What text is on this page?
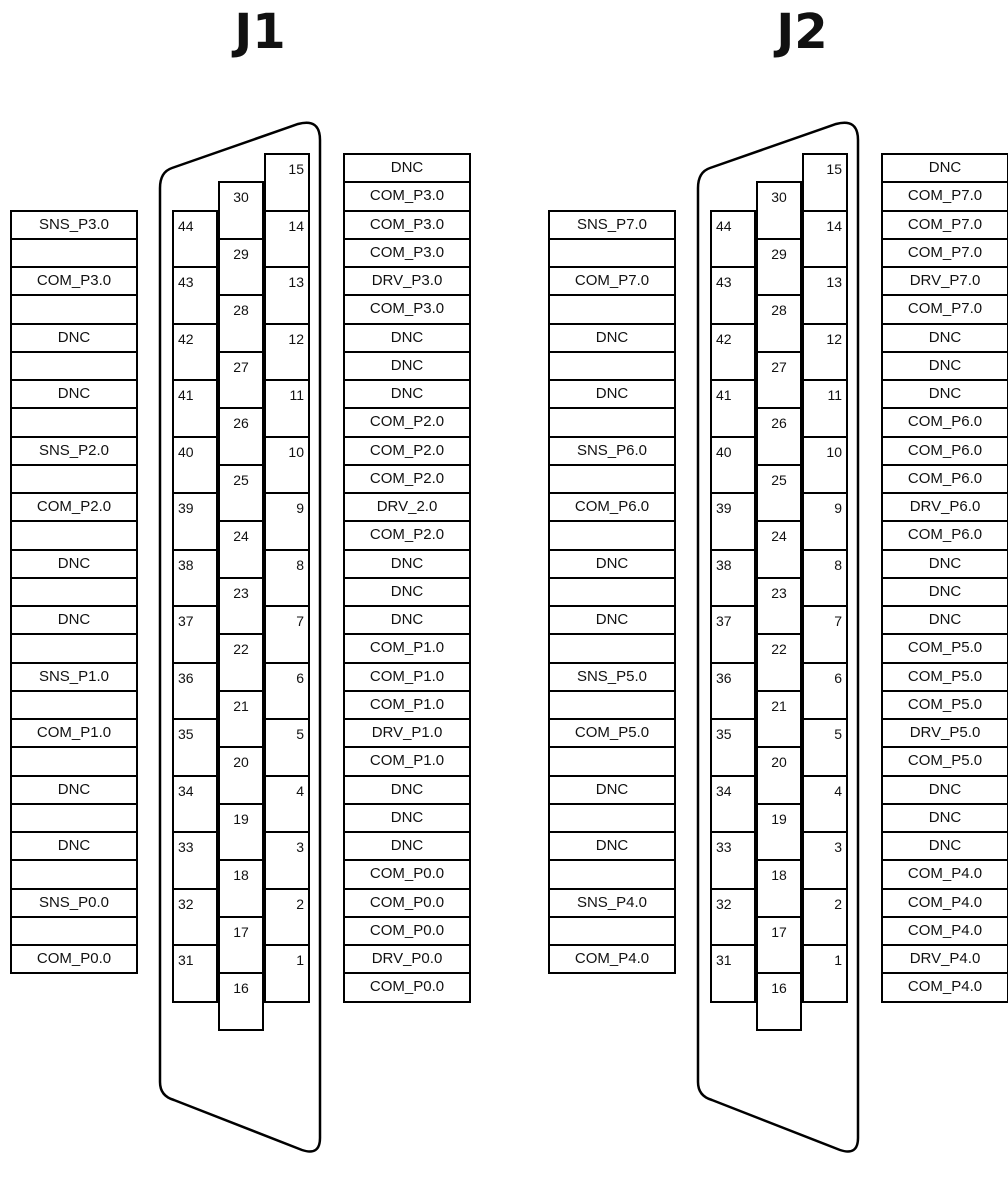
J1
DNC
COM_P3.0
COM_P3.0
COM_P3.0
DRV_P3.0
COM_P3.0
DNC
DNC
DNC
COM_P2.0
COM_P2.0
COM_P2.0
DRV_2.0
COM_P2.0
DNC
DNC
DNC
COM_P1.0
COM_P1.0
COM_P1.0
DRV_P1.0
COM_P1.0
DNC
DNC
DNC
COM_P0.0
COM_P0.0
COM_P0.0
DRV_P0.0
COM_P0.0
SNS_P3.0
COM_P3.0
DNC
DNC
SNS_P2.0
COM_P2.0
DNC
DNC
SNS_P1.0
COM_P1.0
DNC
DNC
SNS_P0.0
COM_P0.0
15
14
13
12
11
10
9
8
7
6
5
4
3
2
1
30
29
28
27
26
25
24
23
22
21
20
19
18
17
16
44
43
42
41
40
39
38
37
36
35
34
33
32
31
J2
DNC
COM_P7.0
COM_P7.0
COM_P7.0
DRV_P7.0
COM_P7.0
DNC
DNC
DNC
COM_P6.0
COM_P6.0
COM_P6.0
DRV_P6.0
COM_P6.0
DNC
DNC
DNC
COM_P5.0
COM_P5.0
COM_P5.0
DRV_P5.0
COM_P5.0
DNC
DNC
DNC
COM_P4.0
COM_P4.0
COM_P4.0
DRV_P4.0
COM_P4.0
SNS_P7.0
COM_P7.0
DNC
DNC
SNS_P6.0
COM_P6.0
DNC
DNC
SNS_P5.0
COM_P5.0
DNC
DNC
SNS_P4.0
COM_P4.0
15
14
13
12
11
10
9
8
7
6
5
4
3
2
1
30
29
28
27
26
25
24
23
22
21
20
19
18
17
16
44
43
42
41
40
39
38
37
36
35
34
33
32
31
